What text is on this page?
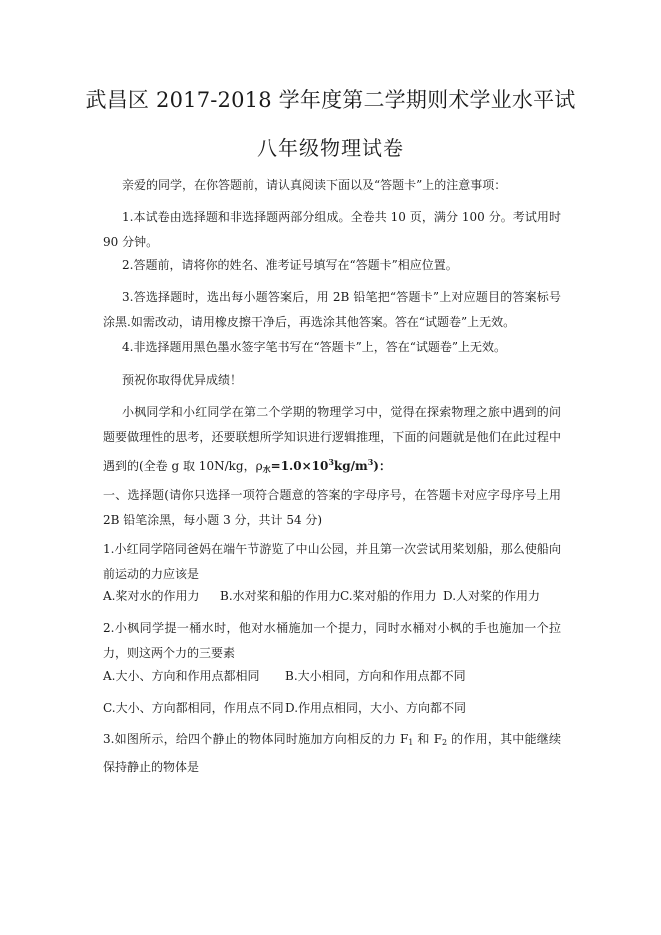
武昌区 2017-2018 学年度第二学期则术学业水平试
八年级物理试卷
亲爱的同学，在你答题前，请认真阅读下面以及“答题卡”上的注意事项：
1.本试卷由选择题和非选择题两部分组成。全卷共 10 页，满分 100 分。考试用时 90 分钟。
2.答题前，请将你的姓名、准考证号填写在“答题卡”相应位置。
3.答选择题时，选出每小题答案后，用 2B 铅笔把“答题卡”上对应题目的答案标号涂黑.如需改动，请用橡皮擦干净后，再选涂其他答案。答在“试题卷”上无效。
4.非选择题用黑色墨水签字笔书写在“答题卡”上，答在“试题卷”上无效。
预祝你取得优异成绩！
小枫同学和小红同学在第二个学期的物理学习中，觉得在探索物理之旅中遇到的问题要做理性的思考，还要联想所学知识进行逻辑推理，下面的问题就是他们在此过程中遇到的(全卷 g 取 10N/kg，$\rho_水=1.0\times 10^3kg/m^3$)：
一、选择题(请你只选择一项符合题意的答案的字母序号，在答题卡对应字母序号上用 2B 铅笔涂黑，每小题 3 分，共计 54 分)
1.小红同学陪同爸妈在端午节游览了中山公园，并且第一次尝试用桨划船，那么使船向前运动的力应该是
A.桨对水的作用力 B.水对桨和船的作用力 C.桨对船的作用力 D.人对桨的作用力
2.小枫同学提一桶水时，他对水桶施加一个提力，同时水桶对小枫的手也施加一个拉力，则这两个力的三要素
A.大小、方向和作用点都相同 B.大小相同，方向和作用点都不同
C.大小、方向都相同，作用点不同 D.作用点相同，大小、方向都不同
3.如图所示，给四个静止的物体同时施加方向相反的力 $F_1$ 和 $F_2$ 的作用，其中能继续保持静止的物体是
